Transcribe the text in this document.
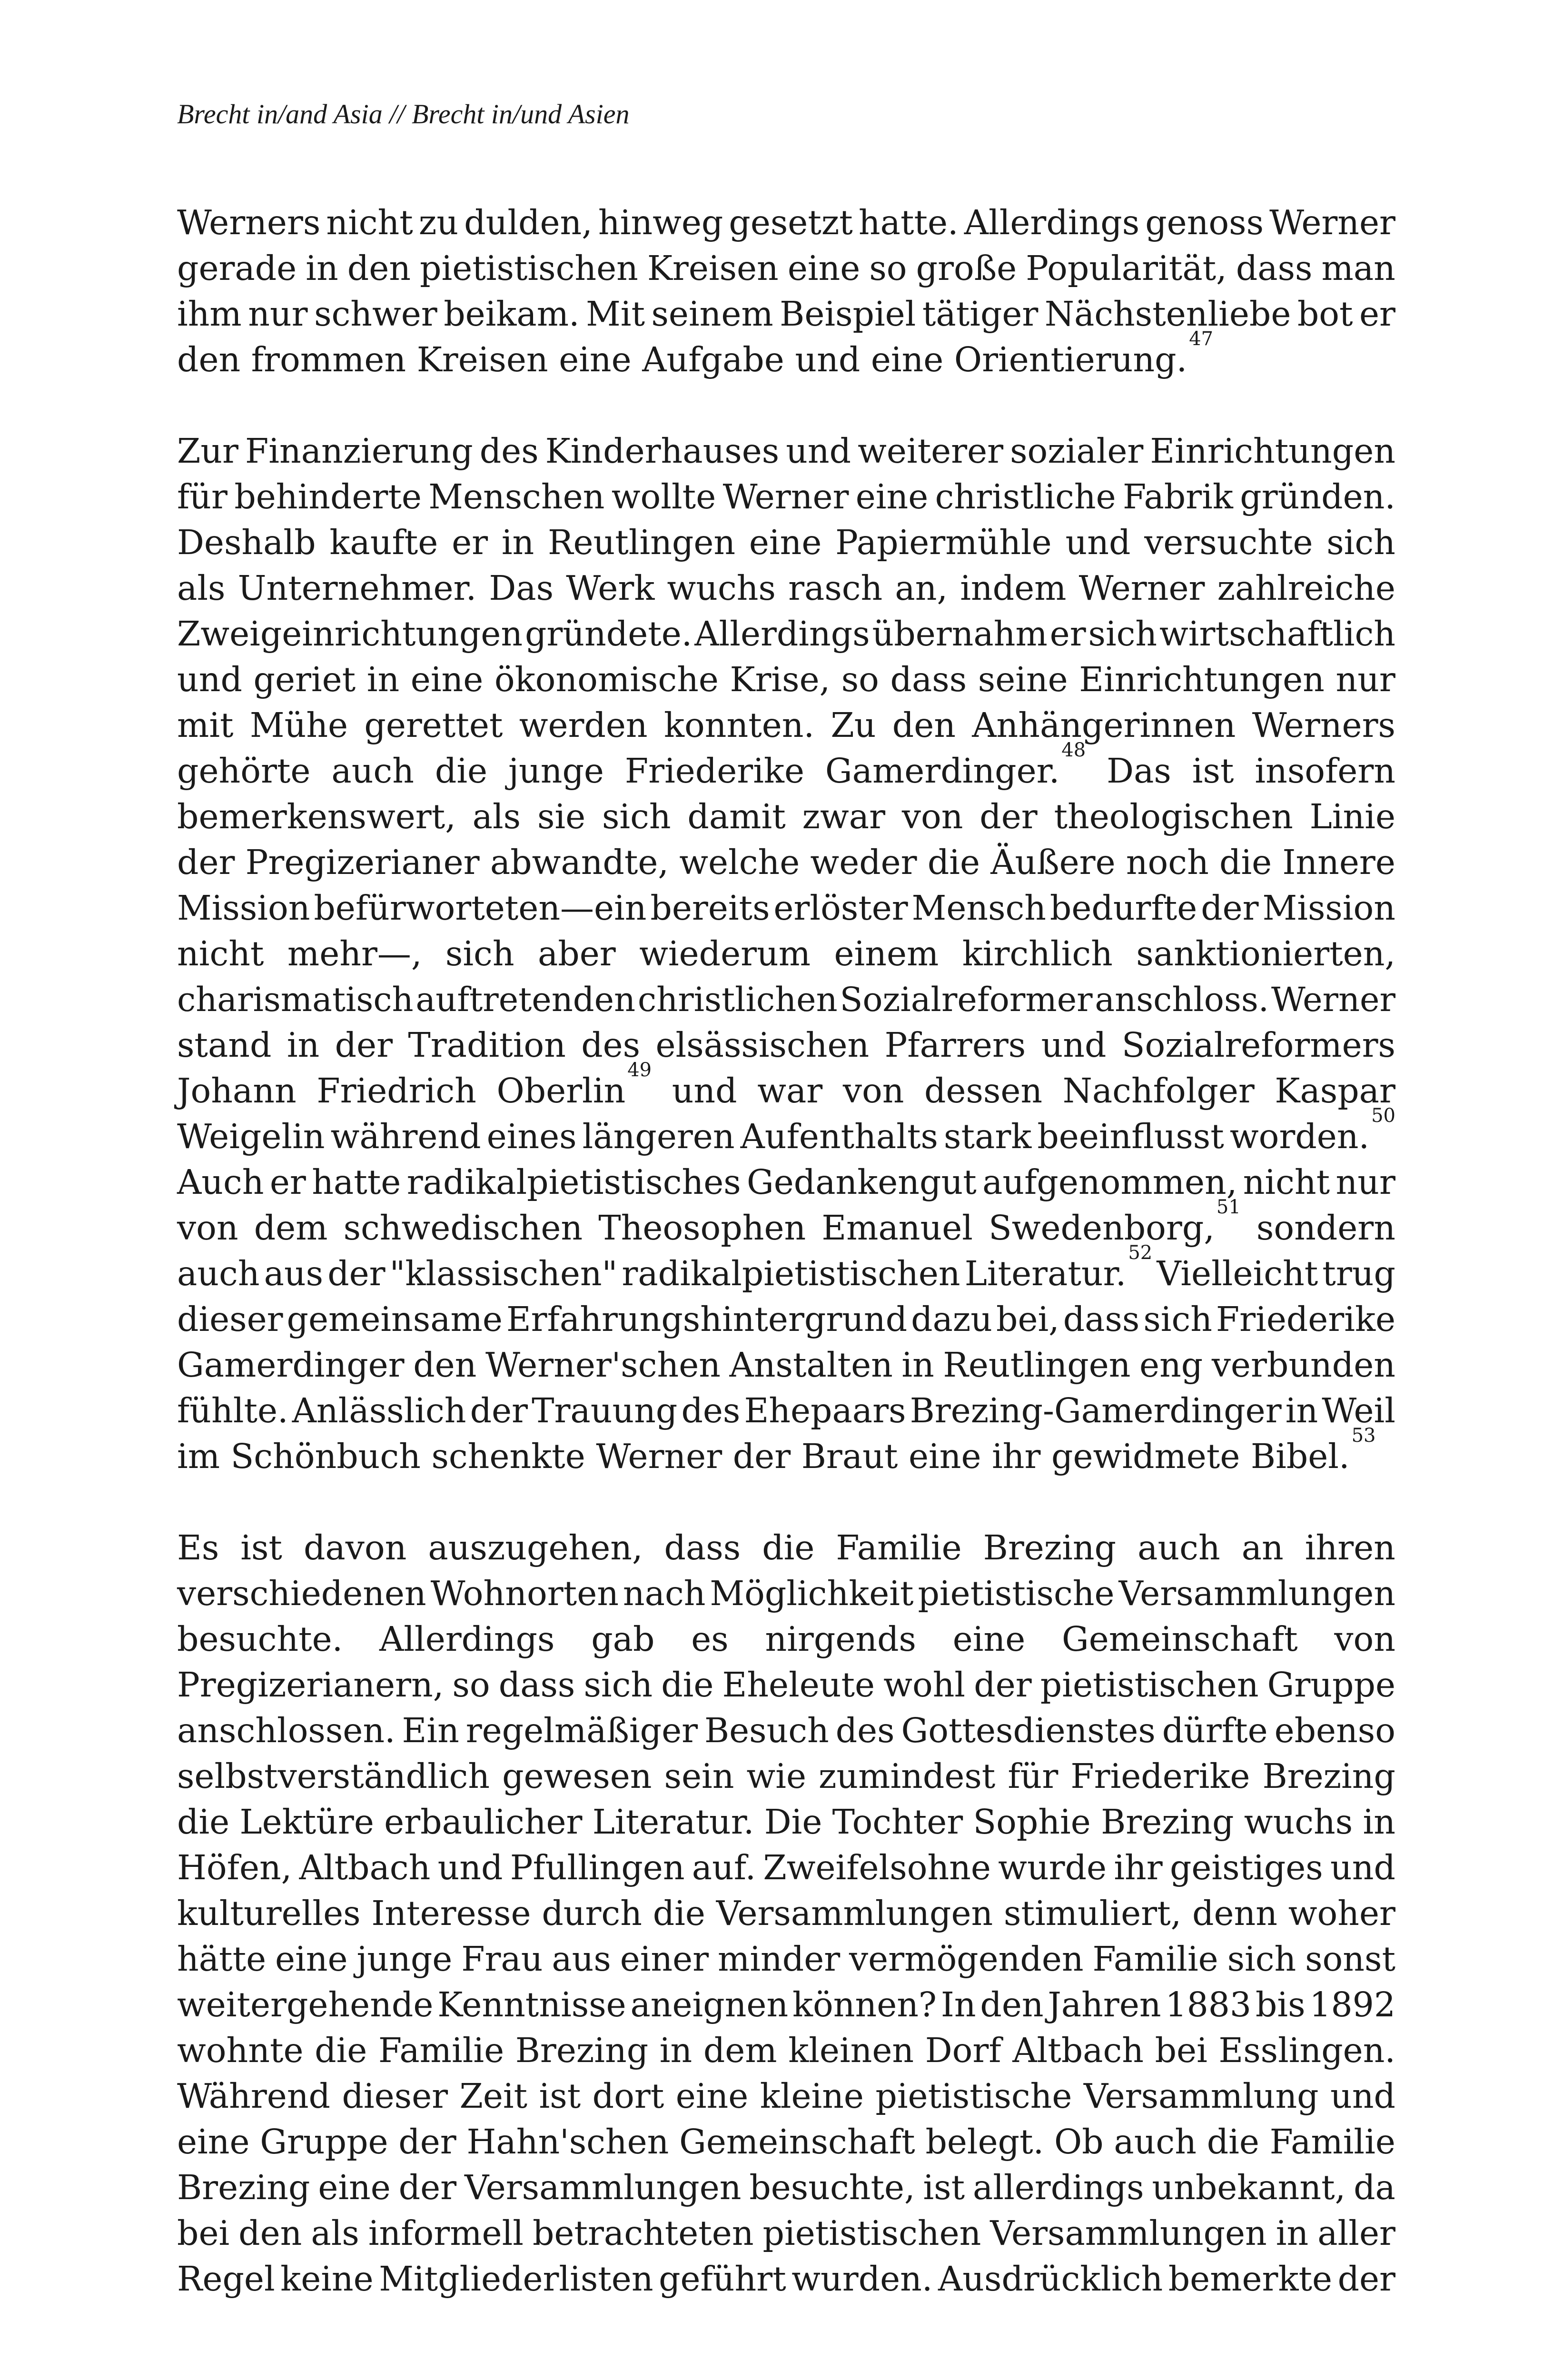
Brecht in/and Asia // Brecht in/und Asien
Werners nicht zu dulden, hinweg gesetzt hatte. Allerdings genoss Werner
gerade in den pietistischen Kreisen eine so große Popularität, dass man
ihm nur schwer beikam. Mit seinem Beispiel tätiger Nächstenliebe bot er
den
frommen
Kreisen
eine
Aufgabe
und
eine
Orientierung.$^{47}$
Zur Finanzierung des Kinderhauses und weiterer sozialer Einrichtungen
für behinderte Menschen wollte Werner eine christliche Fabrik gründen.
Deshalb kaufte er in Reutlingen eine Papiermühle und versuchte sich
als Unternehmer. Das Werk wuchs rasch an, indem Werner zahlreiche
Zweigeinrichtungen gründete. Allerdings übernahm er sich wirtschaftlich
und geriet in eine ökonomische Krise, so dass seine Einrichtungen nur
mit Mühe gerettet werden konnten. Zu den Anhängerinnen Werners
gehörte auch die junge Friederike Gamerdinger.$^{48}$
Das ist insofern
bemerkenswert, als sie sich damit zwar von der theologischen Linie
der Pregizerianer abwandte, welche weder die Äußere noch die Innere
Mission befürworteten—ein bereits erlöster Mensch bedurfte der Mission
nicht mehr—, sich aber wiederum einem kirchlich sanktionierten,
charismatisch auftretenden christlichen Sozialreformer anschloss. Werner
stand in der Tradition des elsässischen Pfarrers und Sozialreformers
Johann Friedrich Oberlin$^{49}$
und war von dessen Nachfolger Kaspar
Weigelin während eines längeren Aufenthalts stark beeinflusst worden.$^{50}$
Auch er hatte radikalpietistisches Gedankengut aufgenommen, nicht nur
von dem schwedischen Theosophen Emanuel Swedenborg,$^{51}$
sondern
auch aus der "klassischen" radikalpietistischen Literatur.$^{52}$
Vielleicht trug
dieser gemeinsame Erfahrungshintergrund dazu bei, dass sich Friederike
Gamerdinger den Werner'schen Anstalten in Reutlingen eng verbunden
fühlte. Anlässlich der Trauung des Ehepaars Brezing-Gamerdinger in Weil
im
Schönbuch
schenkte
Werner
der
Braut
eine
ihr
gewidmete
Bibel.$^{53}$
Es ist davon auszugehen, dass die Familie Brezing auch an ihren
verschiedenen Wohnorten nach Möglichkeit pietistische Versammlungen
besuchte. Allerdings gab es nirgends eine Gemeinschaft von
Pregizerianern, so dass sich die Eheleute wohl der pietistischen Gruppe
anschlossen. Ein regelmäßiger Besuch des Gottesdienstes dürfte ebenso
selbstverständlich gewesen sein wie zumindest für Friederike Brezing
die Lektüre erbaulicher Literatur. Die Tochter Sophie Brezing wuchs in
Höfen, Altbach und Pfullingen auf. Zweifelsohne wurde ihr geistiges und
kulturelles Interesse durch die Versammlungen stimuliert, denn woher
hätte eine junge Frau aus einer minder vermögenden Familie sich sonst
weitergehende Kenntnisse aneignen können? In den Jahren 1883 bis 1892
wohnte die Familie Brezing in dem kleinen Dorf Altbach bei Esslingen.
Während dieser Zeit ist dort eine kleine pietistische Versammlung und
eine Gruppe der Hahn'schen Gemeinschaft belegt. Ob auch die Familie
Brezing eine der Versammlungen besuchte, ist allerdings unbekannt, da
bei den als informell betrachteten pietistischen Versammlungen in aller
Regel keine Mitgliederlisten geführt wurden. Ausdrücklich bemerkte der
